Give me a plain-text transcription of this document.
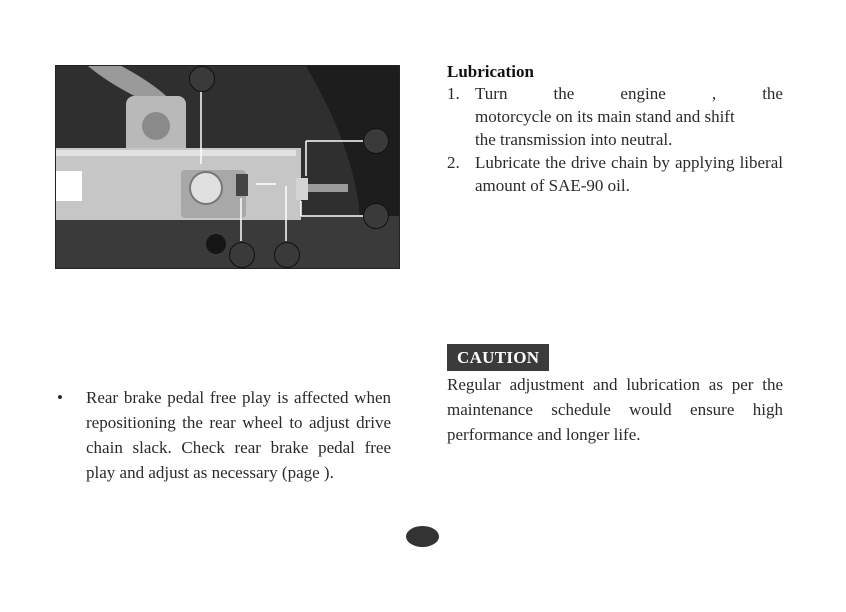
Lubrication
1. Turn	the	engine	,	the
motorcycle on its main stand and shift
the transmission into neutral.
2. Lubricate the drive chain by applying liberal amount of SAE-90 oil.
CAUTION
Regular adjustment and lubrication as per the maintenance schedule would ensure high performance and longer life.
• Rear brake pedal free play is affected when repositioning the rear wheel to adjust drive chain slack. Check rear brake pedal free play and adjust as necessary (page ).
